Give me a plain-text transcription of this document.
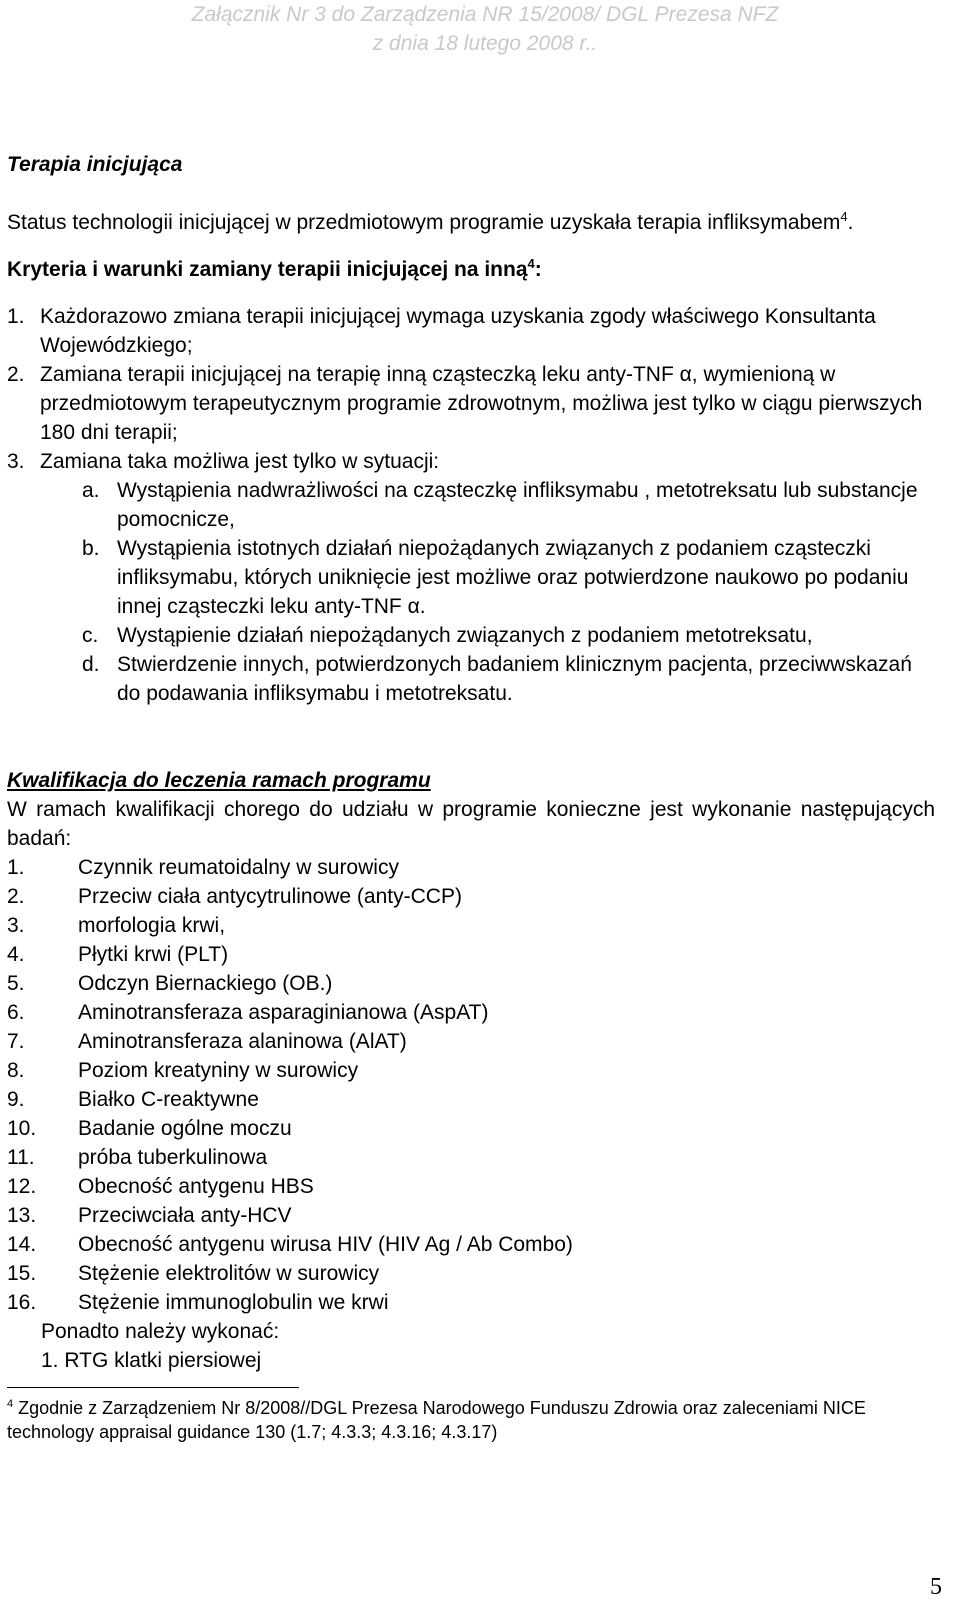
Załącznik Nr 3 do Zarządzenia NR 15/2008/ DGL Prezesa NFZ
z dnia 18 lutego 2008 r..

Terapia inicjująca

Status technologii inicjującej w przedmiotowym programie uzyskała terapia infliksymabem$^4$.

Kryteria i warunki zamiany terapii inicjującej na inną$^4$:

1. Każdorazowo zmiana terapii inicjującej wymaga uzyskania zgody właściwego Konsultanta Wojewódzkiego;
2. Zamiana terapii inicjującej na terapię inną cząsteczką leku anty-TNF α, wymienioną w przedmiotowym terapeutycznym programie zdrowotnym, możliwa jest tylko w ciągu pierwszych 180 dni terapii;
3. Zamiana taka możliwa jest tylko w sytuacji:
a. Wystąpienia nadwrażliwości na cząsteczkę infliksymabu , metotreksatu lub substancje pomocnicze,
b. Wystąpienia istotnych działań niepożądanych związanych z podaniem cząsteczki infliksymabu, których uniknięcie jest możliwe oraz potwierdzone naukowo po podaniu innej cząsteczki leku anty-TNF α.
c. Wystąpienie działań niepożądanych związanych z podaniem metotreksatu,
d. Stwierdzenie innych, potwierdzonych badaniem klinicznym pacjenta, przeciwwskazań do podawania infliksymabu i metotreksatu.

Kwalifikacja do leczenia ramach programu

W ramach kwalifikacji chorego do udziału w programie konieczne jest wykonanie następujących badań:

1.	Czynnik reumatoidalny w surowicy
2.	Przeciw ciała antycytrulinowe (anty-CCP)
3.	morfologia krwi,
4.	Płytki krwi (PLT)
5.	Odczyn Biernackiego (OB.)
6.	Aminotransferaza asparaginianowa (AspAT)
7.	Aminotransferaza alaninowa (AlAT)
8.	Poziom kreatyniny w surowicy
9.	Białko C-reaktywne
10. Badanie ogólne moczu
11. próba tuberkulinowa
12. Obecność antygenu HBS
13. Przeciwciała anty-HCV
14. Obecność antygenu wirusa HIV (HIV Ag / Ab Combo)
15. Stężenie elektrolitów w surowicy
16. Stężenie immunoglobulin we krwi

Ponadto należy wykonać:

1. RTG klatki piersiowej

$^4$ Zgodnie z Zarządzeniem Nr 8/2008//DGL Prezesa Narodowego Funduszu Zdrowia oraz zaleceniami NICE technology appraisal guidance 130 (1.7; 4.3.3; 4.3.16; 4.3.17)

5
